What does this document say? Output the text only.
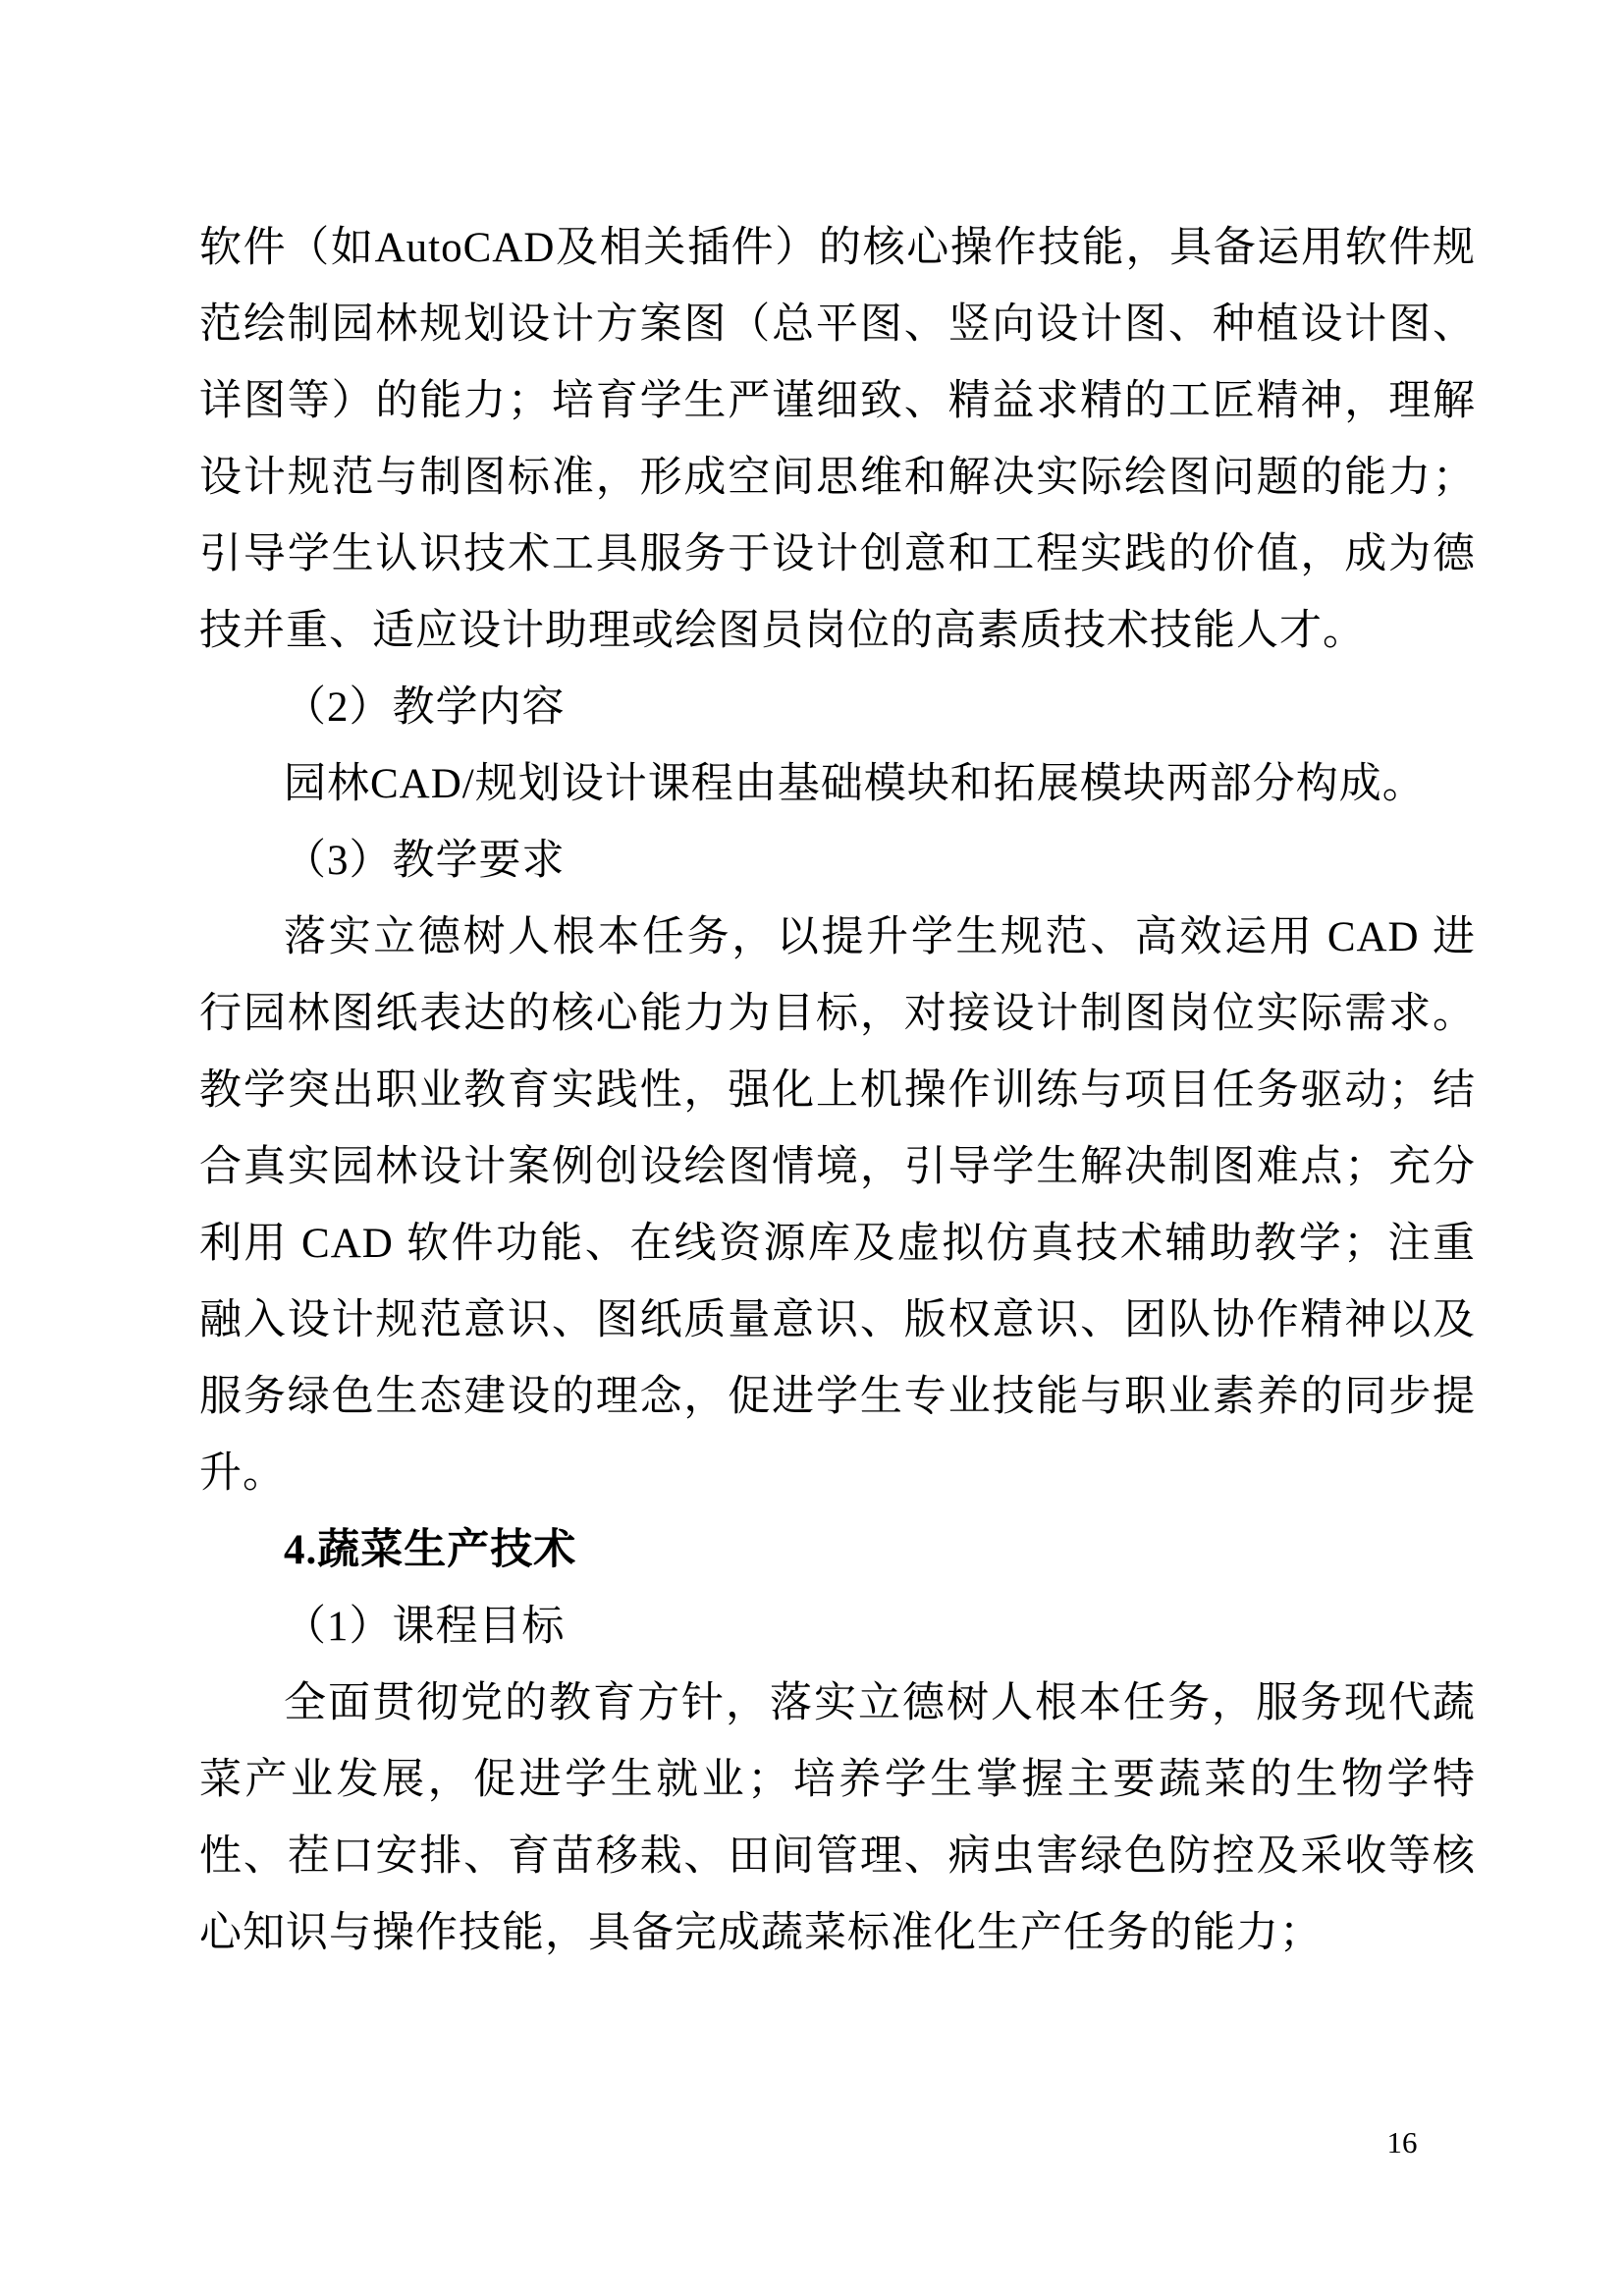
软件（如AutoCAD及相关插件）的核心操作技能，具备运用软件规范绘制园林规划设计方案图（总平图、竖向设计图、种植设计图、详图等）的能力；培育学生严谨细致、精益求精的工匠精神，理解设计规范与制图标准，形成空间思维和解决实际绘图问题的能力；引导学生认识技术工具服务于设计创意和工程实践的价值，成为德技并重、适应设计助理或绘图员岗位的高素质技术技能人才。

（2）教学内容

园林CAD/规划设计课程由基础模块和拓展模块两部分构成。

（3）教学要求

落实立德树人根本任务，以提升学生规范、高效运用 CAD 进行园林图纸表达的核心能力为目标，对接设计制图岗位实际需求。教学突出职业教育实践性，强化上机操作训练与项目任务驱动；结合真实园林设计案例创设绘图情境，引导学生解决制图难点；充分利用 CAD 软件功能、在线资源库及虚拟仿真技术辅助教学；注重融入设计规范意识、图纸质量意识、版权意识、团队协作精神以及服务绿色生态建设的理念，促进学生专业技能与职业素养的同步提升。

4.蔬菜生产技术

（1）课程目标

全面贯彻党的教育方针，落实立德树人根本任务，服务现代蔬菜产业发展，促进学生就业；培养学生掌握主要蔬菜的生物学特性、茬口安排、育苗移栽、田间管理、病虫害绿色防控及采收等核心知识与操作技能，具备完成蔬菜标准化生产任务的能力；

16
